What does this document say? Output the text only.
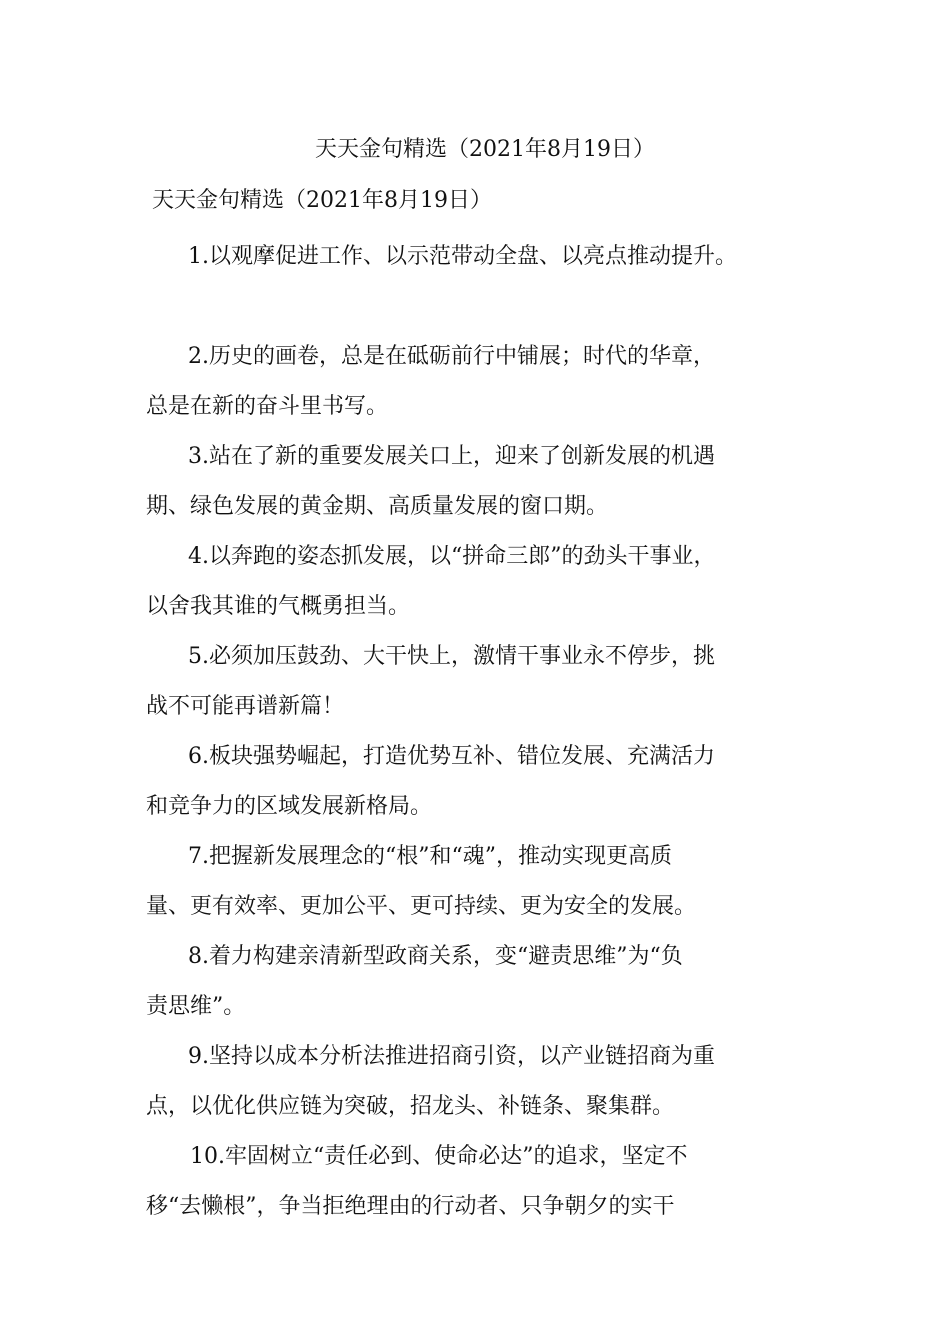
天天金句精选（2021年8月19日）
天天金句精选（2021年8月19日）

1.以观摩促进工作、以示范带动全盘、以亮点推动提升。

2.历史的画卷，总是在砥砺前行中铺展；时代的华章，
总是在新的奋斗里书写。

3.站在了新的重要发展关口上，迎来了创新发展的机遇
期、绿色发展的黄金期、高质量发展的窗口期。

4.以奔跑的姿态抓发展，以“拼命三郎”的劲头干事业，
以舍我其谁的气概勇担当。

5.必须加压鼓劲、大干快上，激情干事业永不停步，挑
战不可能再谱新篇！

6.板块强势崛起，打造优势互补、错位发展、充满活力
和竞争力的区域发展新格局。

7.把握新发展理念的“根”和“魂”，推动实现更高质
量、更有效率、更加公平、更可持续、更为安全的发展。

8.着力构建亲清新型政商关系，变“避责思维”为“负
责思维”。

9.坚持以成本分析法推进招商引资，以产业链招商为重
点，以优化供应链为突破，招龙头、补链条、聚集群。

10.牢固树立“责任必到、使命必达”的追求，坚定不
移“去懒根”，争当拒绝理由的行动者、只争朝夕的实干
